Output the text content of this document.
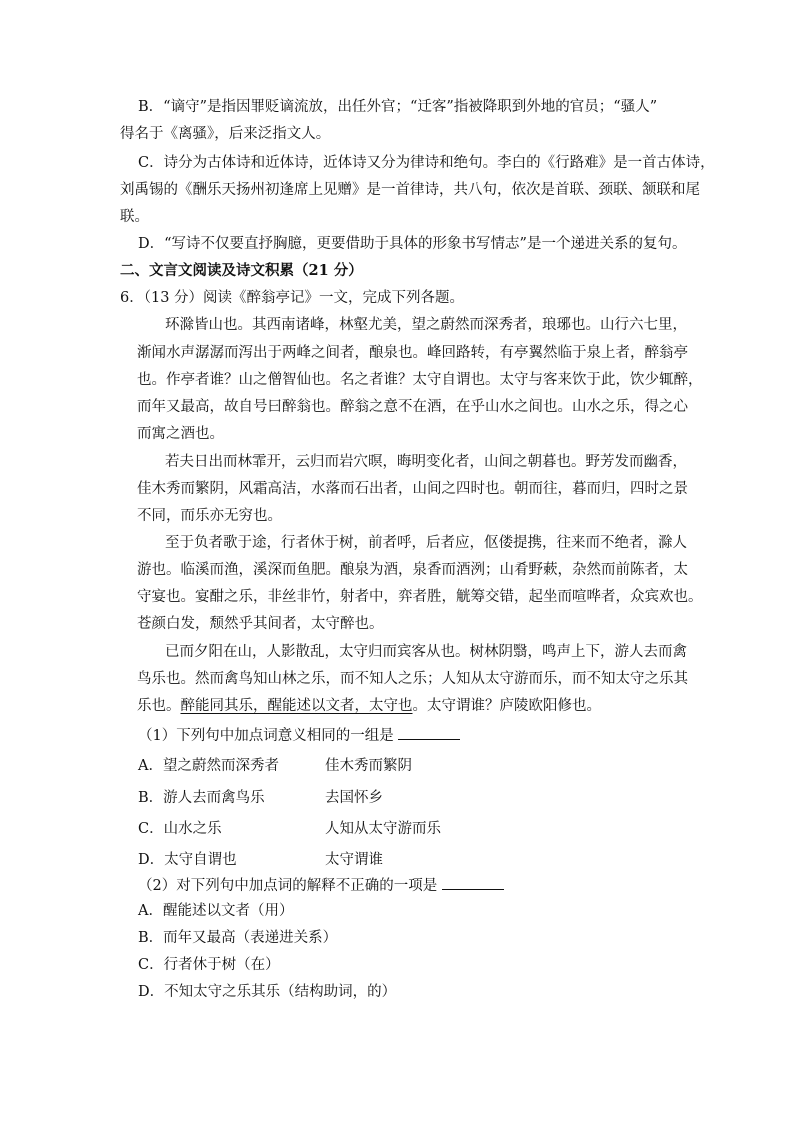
B．“谪守”是指因罪贬谪流放，出任外官；“迁客”指被降职到外地的官员；“骚人”
得名于《离骚》，后来泛指文人。
C．诗分为古体诗和近体诗，近体诗又分为律诗和绝句。李白的《行路难》是一首古体诗，
刘禹锡的《酬乐天扬州初逢席上见赠》是一首律诗，共八句，依次是首联、颈联、颔联和尾
联。
D．“写诗不仅要直抒胸臆，更要借助于具体的形象书写情志”是一个递进关系的复句。
二、文言文阅读及诗文积累（21 分）
6．（13 分）阅读《醉翁亭记》一文，完成下列各题。
环滁皆山也。其西南诸峰，林壑尤美，望之蔚然而深秀者，琅琊也。山行六七里，
渐闻水声潺潺而泻出于两峰之间者，酿泉也。峰回路转，有亭翼然临于泉上者，醉翁亭
也。作亭者谁？山之僧智仙也。名之者谁？太守自谓也。太守与客来饮于此，饮少辄醉，
而年又最高，故自号曰醉翁也。醉翁之意不在酒，在乎山水之间也。山水之乐，得之心
而寓之酒也。
若夫日出而林霏开，云归而岩穴暝，晦明变化者，山间之朝暮也。野芳发而幽香，
佳木秀而繁阴，风霜高洁，水落而石出者，山间之四时也。朝而往，暮而归，四时之景
不同，而乐亦无穷也。
至于负者歌于途，行者休于树，前者呼，后者应，伛偻提携，往来而不绝者，滁人
游也。临溪而渔，溪深而鱼肥。酿泉为酒，泉香而酒洌；山肴野蔌，杂然而前陈者，太
守宴也。宴酣之乐，非丝非竹，射者中，弈者胜，觥筹交错，起坐而喧哗者，众宾欢也。
苍颜白发，颓然乎其间者，太守醉也。
已而夕阳在山，人影散乱，太守归而宾客从也。树林阴翳，鸣声上下，游人去而禽
鸟乐也。然而禽鸟知山林之乐，而不知人之乐；人知从太守游而乐，而不知太守之乐其
乐也。醉能同其乐，醒能述以文者，太守也。太守谓谁？庐陵欧阳修也。
（1）下列句中加点词意义相同的一组是
A．望之蔚然而深秀者	佳木秀而繁阴
B．游人去而禽鸟乐	去国怀乡
C．山水之乐	人知从太守游而乐
D．太守自谓也	太守谓谁
（2）对下列句中加点词的解释不正确的一项是
A．醒能述以文者（用）
B．而年又最高（表递进关系）
C．行者休于树（在）
D．不知太守之乐其乐（结构助词，的）
